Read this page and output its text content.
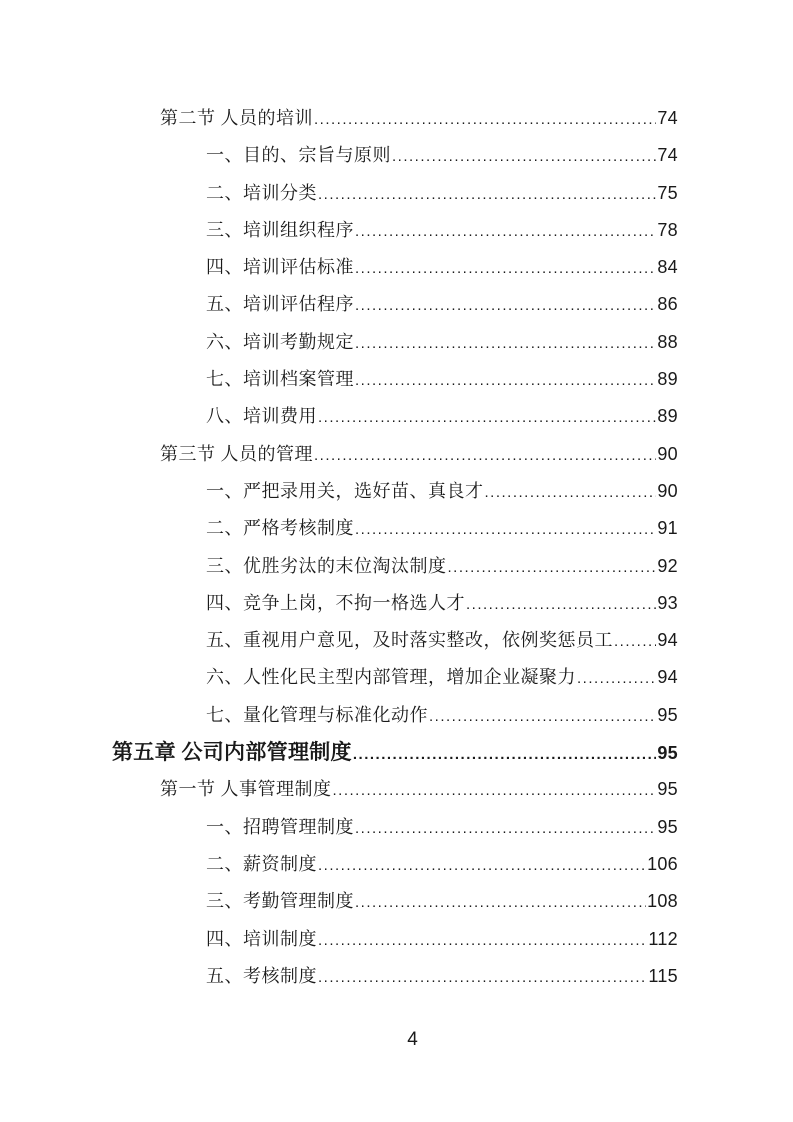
第二节 人员的培训 .....	74
一、目的、宗旨与原则 .....	74
二、培训分类 .....	75
三、培训组织程序 .....	78
四、培训评估标准 .....	84
五、培训评估程序 .....	86
六、培训考勤规定 .....	88
七、培训档案管理 .....	89
八、培训费用 .....	89
第三节 人员的管理 .....	90
一、严把录用关，选好苗、真良才 .....	90
二、严格考核制度 .....	91
三、优胜劣汰的末位淘汰制度 .....	92
四、竞争上岗，不拘一格选人才 .....	93
五、重视用户意见，及时落实整改，依例奖惩员工 ..... 94
六、人性化民主型内部管理，增加企业凝聚力 .....	94
七、量化管理与标准化动作 .....	95
第五章 公司内部管理制度 .....	95
第一节 人事管理制度 .....	95
一、招聘管理制度 .....	95
二、薪资制度 .....	106
三、考勤管理制度 .....	108
四、培训制度 .....	112
五、考核制度 .....	115
4
